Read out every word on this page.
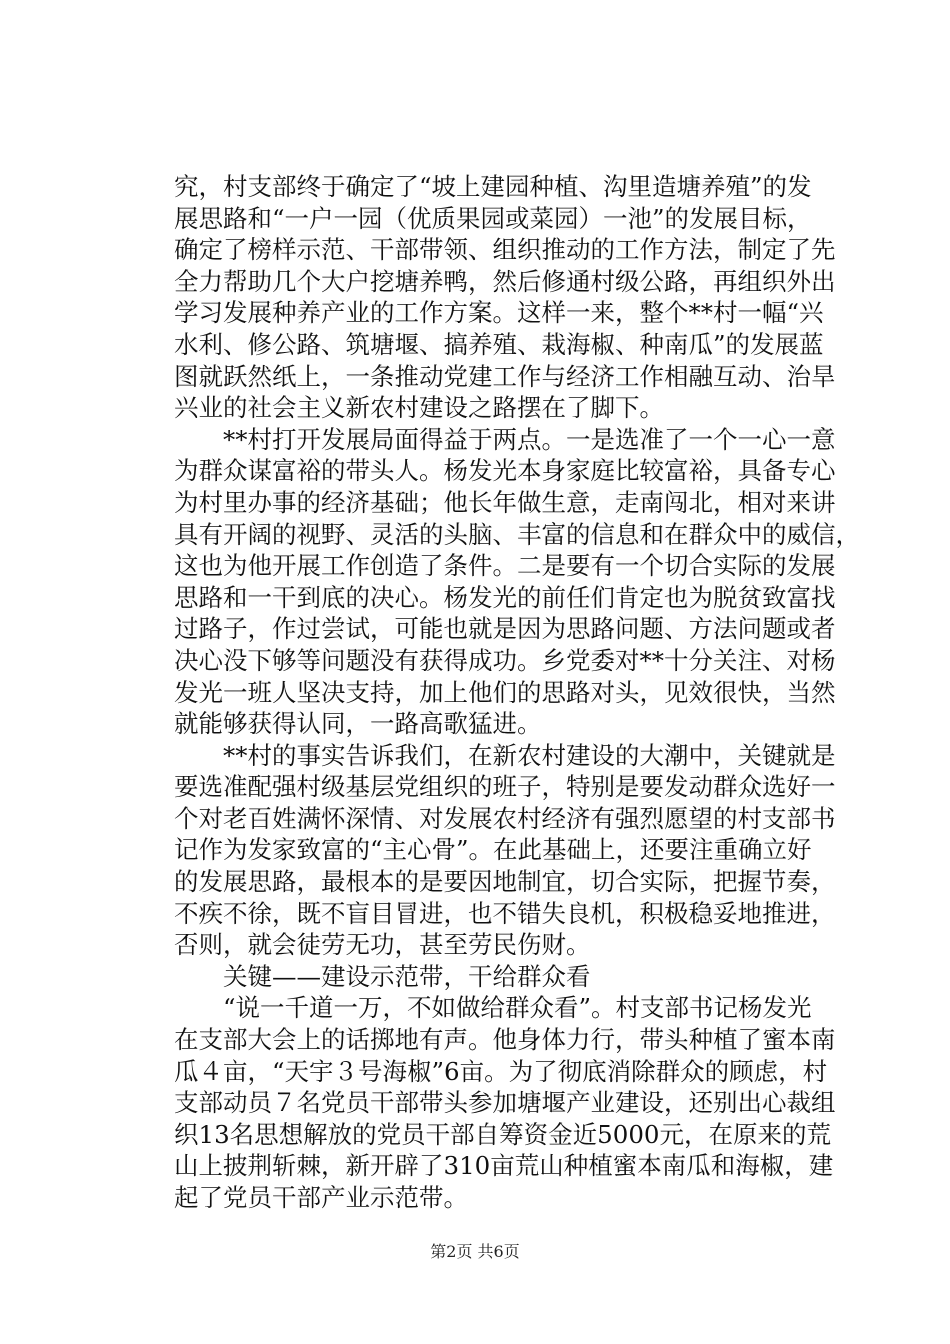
究，村支部终于确定了“坡上建园种植、沟里造塘养殖”的发
展思路和“一户一园（优质果园或菜园）一池”的发展目标，
确定了榜样示范、干部带领、组织推动的工作方法，制定了先
全力帮助几个大户挖塘养鸭，然后修通村级公路，再组织外出
学习发展种养产业的工作方案。这样一来，整个**村一幅“兴
水利、修公路、筑塘堰、搞养殖、栽海椒、种南瓜”的发展蓝
图就跃然纸上，一条推动党建工作与经济工作相融互动、治旱
兴业的社会主义新农村建设之路摆在了脚下。
　　**村打开发展局面得益于两点。一是选准了一个一心一意
为群众谋富裕的带头人。杨发光本身家庭比较富裕，具备专心
为村里办事的经济基础；他长年做生意，走南闯北，相对来讲
具有开阔的视野、灵活的头脑、丰富的信息和在群众中的威信，
这也为他开展工作创造了条件。二是要有一个切合实际的发展
思路和一干到底的决心。杨发光的前任们肯定也为脱贫致富找
过路子，作过尝试，可能也就是因为思路问题、方法问题或者
决心没下够等问题没有获得成功。乡党委对**十分关注、对杨
发光一班人坚决支持，加上他们的思路对头，见效很快，当然
就能够获得认同，一路高歌猛进。
　　**村的事实告诉我们，在新农村建设的大潮中，关键就是
要选准配强村级基层党组织的班子，特别是要发动群众选好一
个对老百姓满怀深情、对发展农村经济有强烈愿望的村支部书
记作为发家致富的“主心骨”。在此基础上，还要注重确立好
的发展思路，最根本的是要因地制宜，切合实际，把握节奏，
不疾不徐，既不盲目冒进，也不错失良机，积极稳妥地推进，
否则，就会徒劳无功，甚至劳民伤财。
　　关键——建设示范带，干给群众看
　　“说一千道一万，不如做给群众看”。村支部书记杨发光
在支部大会上的话掷地有声。他身体力行，带头种植了蜜本南
瓜４亩，“天宇３号海椒”6亩。为了彻底消除群众的顾虑，村
支部动员７名党员干部带头参加塘堰产业建设，还别出心裁组
织13名思想解放的党员干部自筹资金近5000元，在原来的荒
山上披荆斩棘，新开辟了310亩荒山种植蜜本南瓜和海椒，建
起了党员干部产业示范带。
第2页 共6页
